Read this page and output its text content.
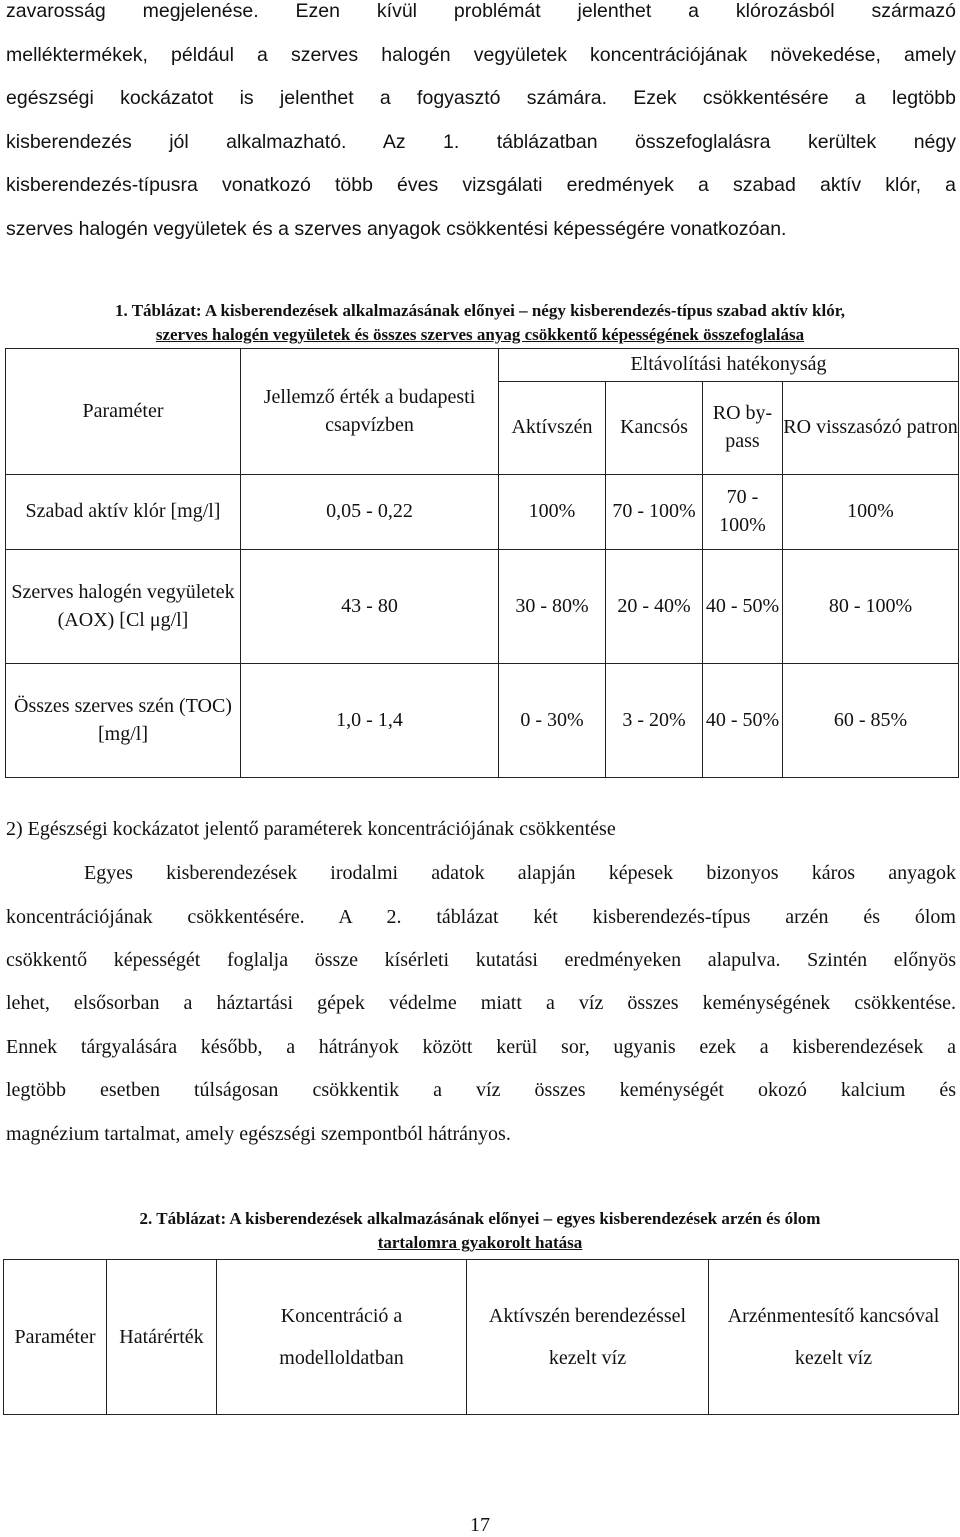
zavarosság megjelenése. Ezen kívül problémát jelenthet a klórozásból származó
melléktermékek, például a szerves halogén vegyületek koncentrációjának növekedése, amely
egészségi kockázatot is jelenthet a fogyasztó számára. Ezek csökkentésére a legtöbb
kisberendezés jól alkalmazható. Az 1. táblázatban összefoglalásra kerültek négy
kisberendezés-típusra vonatkozó több éves vizsgálati eredmények a szabad aktív klór, a
szerves halogén vegyületek és a szerves anyagok csökkentési képességére vonatkozóan.
1. Táblázat: A kisberendezések alkalmazásának előnyei – négy kisberendezés-típus szabad aktív klór,
szerves halogén vegyületek és összes szerves anyag csökkentő képességének összefoglalása
Paraméter	Jellemző érték a budapesti csapvízben	Eltávolítási hatékonyság			
		Aktívszén	Kancsós	RO by- pass	RO visszasózó patron
Szabad aktív klór [mg/l]	0,05 - 0,22	100%	70 - 100%	70 - 100%	100%
Szerves halogén vegyületek (AOX) [Cl μg/l]	43 - 80	30 - 80%	20 - 40%	40 - 50%	80 - 100%
Összes szerves szén (TOC) [mg/l]	1,0 - 1,4	0 - 30%	3 - 20%	40 - 50%	60 - 85%
2) Egészségi kockázatot jelentő paraméterek koncentrációjának csökkentése
Egyes kisberendezések irodalmi adatok alapján képesek bizonyos káros anyagok
koncentrációjának csökkentésére. A 2. táblázat két kisberendezés-típus arzén és ólom
csökkentő képességét foglalja össze kísérleti kutatási eredményeken alapulva. Szintén előnyös
lehet, elsősorban a háztartási gépek védelme miatt a víz összes keménységének csökkentése.
Ennek tárgyalására később, a hátrányok között kerül sor, ugyanis ezek a kisberendezések a
legtöbb esetben túlságosan csökkentik a víz összes keménységét okozó kalcium és
magnézium tartalmat, amely egészségi szempontból hátrányos.
2. Táblázat: A kisberendezések alkalmazásának előnyei – egyes kisberendezések arzén és ólom
tartalomra gyakorolt hatása
Paraméter	Határérték	Koncentráció a modelloldatban	Aktívszén berendezéssel kezelt víz	Arzénmentesítő kancsóval kezelt víz
17
